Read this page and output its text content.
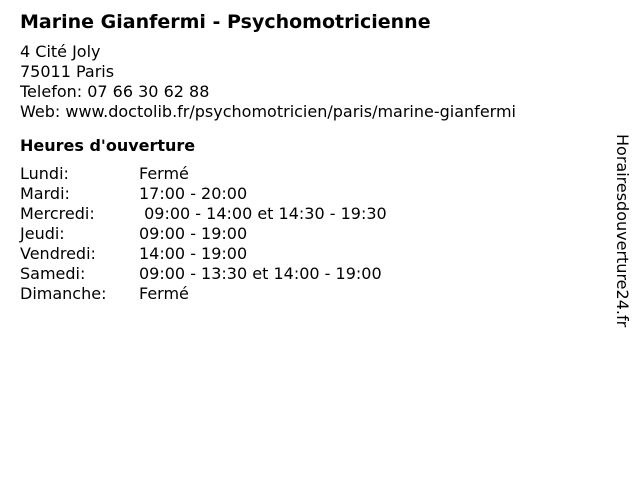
Marine Gianfermi - Psychomotricienne
4 Cité Joly
75011 Paris
Telefon: 07 66 30 62 88
Web: www.doctolib.fr/psychomotricien/paris/marine-gianfermi
Heures d'ouverture
Lundi:	Fermé
Mardi:	17:00 - 20:00
Mercredi:	09:00 - 14:00 et 14:30 - 19:30
Jeudi:	09:00 - 19:00
Vendredi:	14:00 - 19:00
Samedi:	09:00 - 13:30 et 14:00 - 19:00
Dimanche:	Fermé	Horairesdouverture24.fr
